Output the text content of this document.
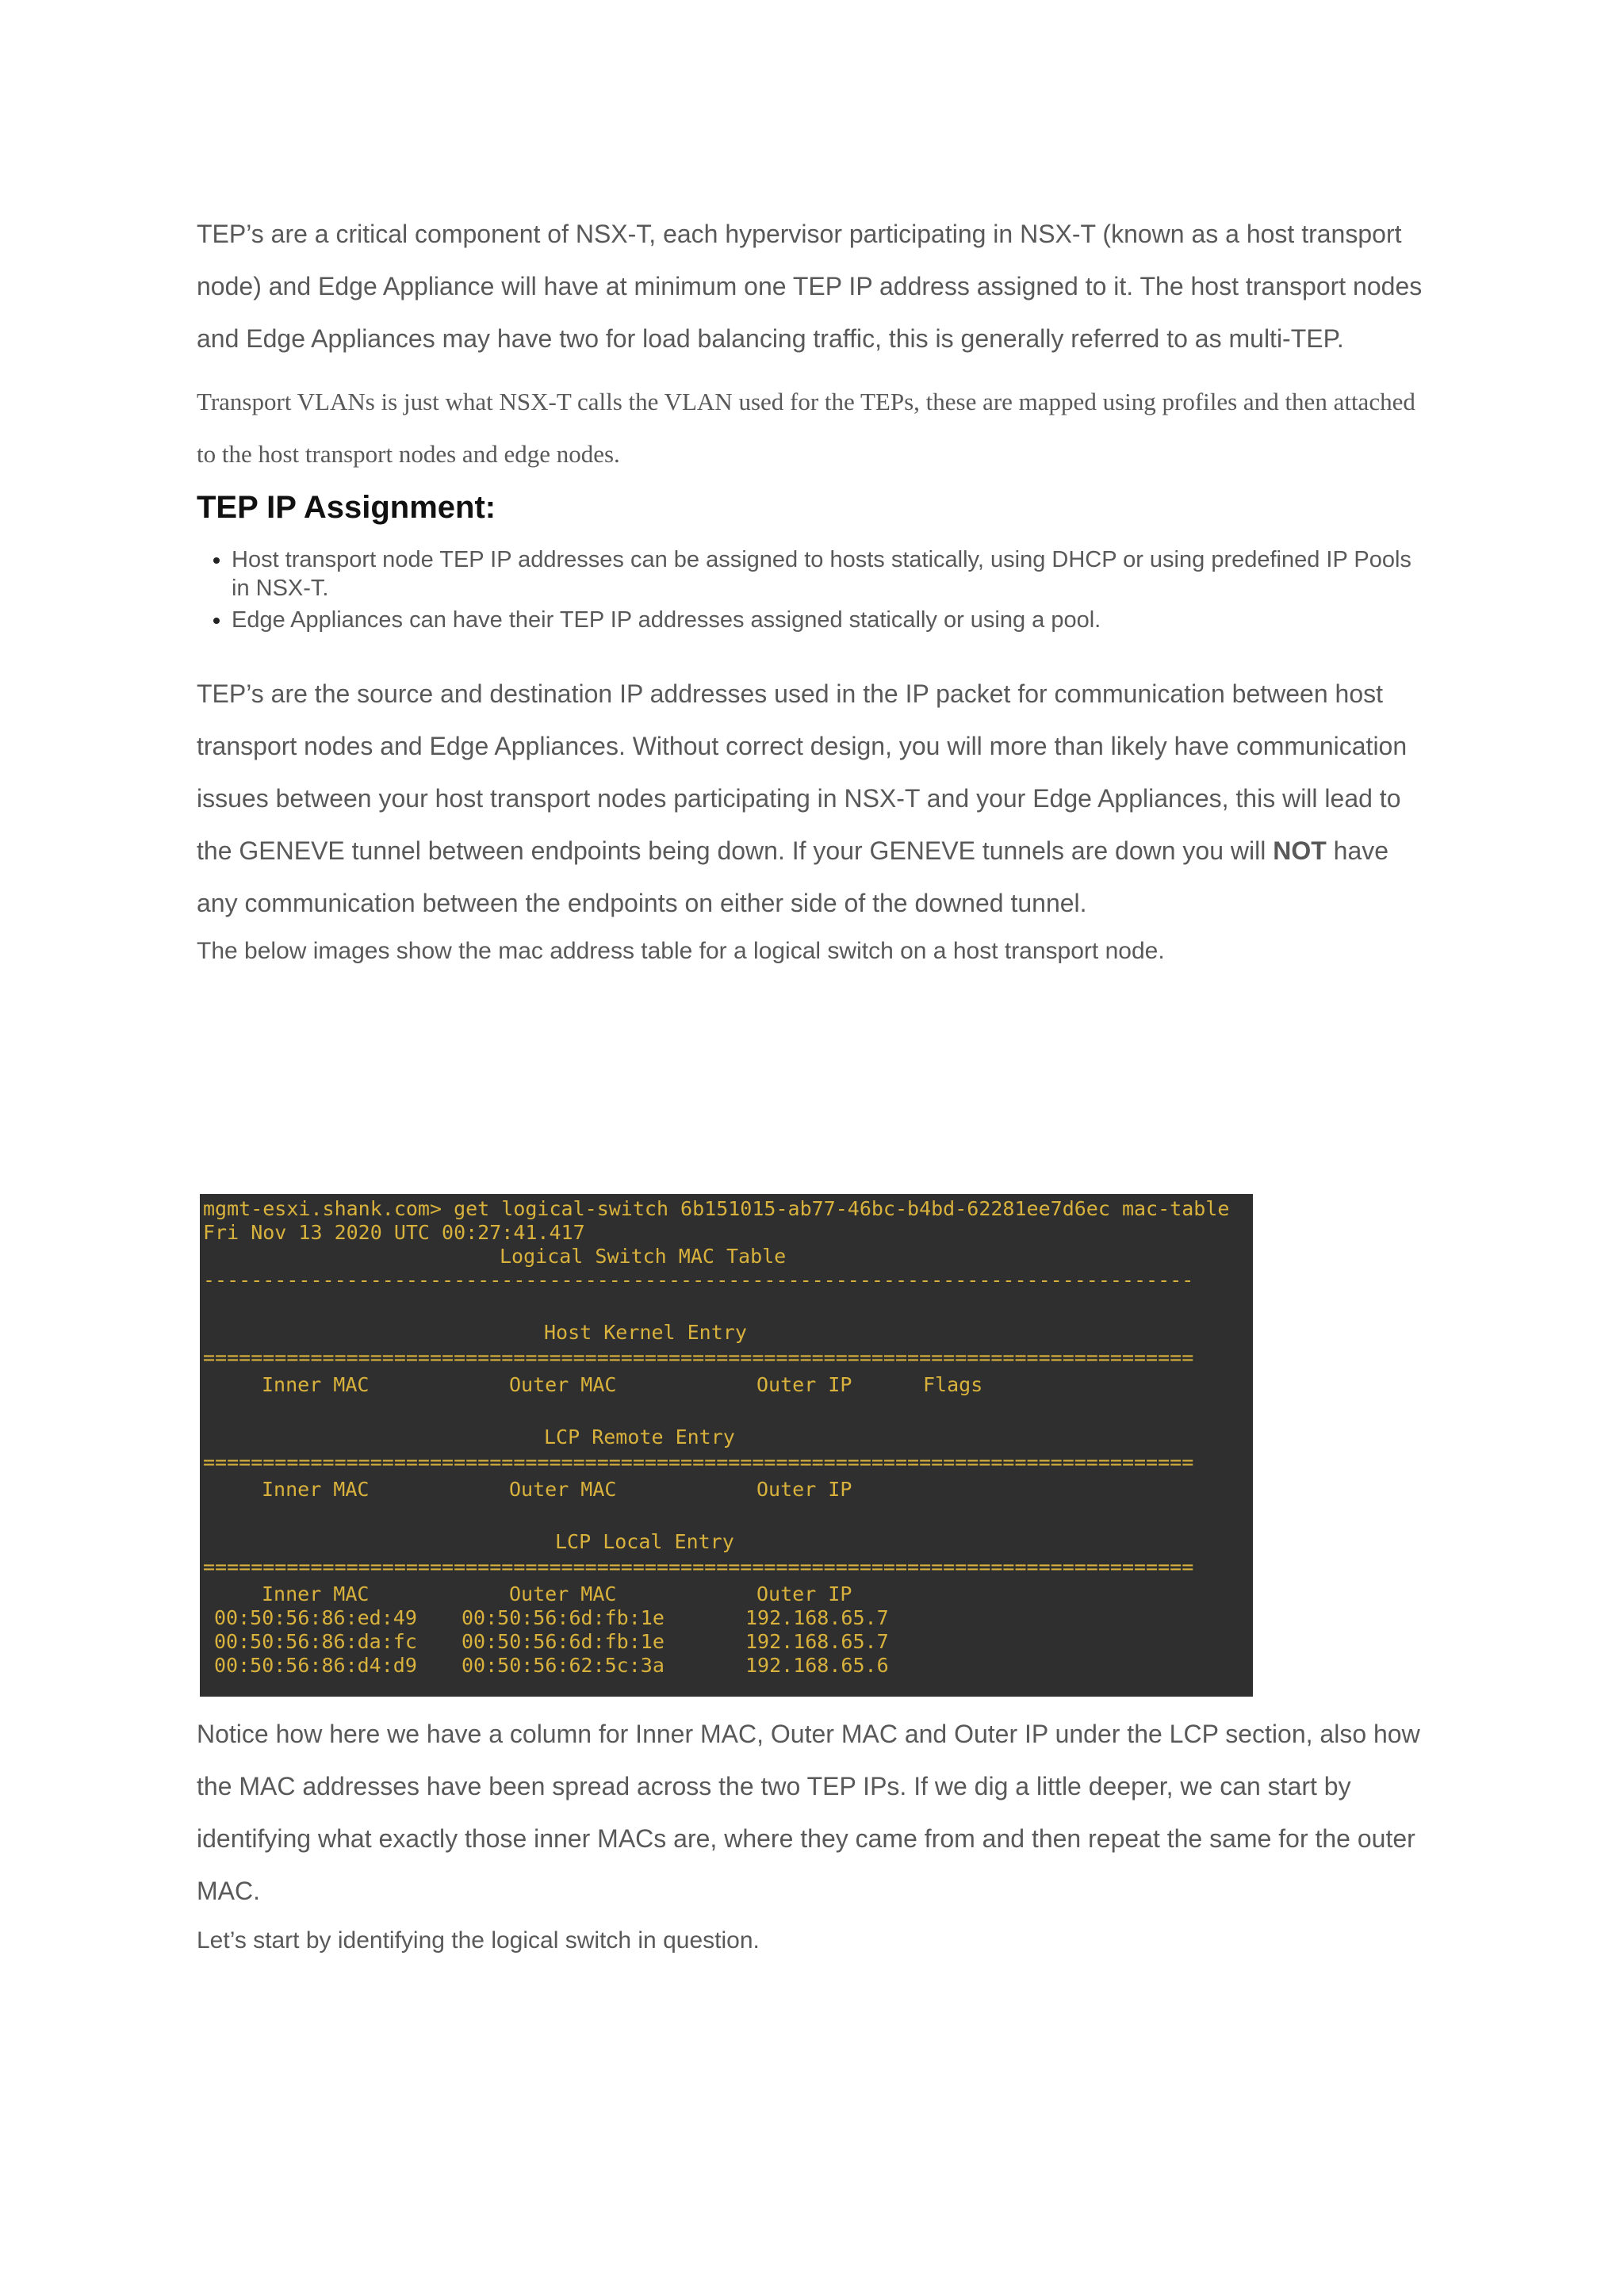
TEP’s are a critical component of NSX-T, each hypervisor participating in NSX-T (known as a host transport node) and Edge Appliance will have at minimum one TEP IP address assigned to it. The host transport nodes and Edge Appliances may have two for load balancing traffic, this is generally referred to as multi-TEP.

Transport VLANs is just what NSX-T calls the VLAN used for the TEPs, these are mapped using profiles and then attached to the host transport nodes and edge nodes.

TEP IP Assignment:
• Host transport node TEP IP addresses can be assigned to hosts statically, using DHCP or using predefined IP Pools in NSX-T.
• Edge Appliances can have their TEP IP addresses assigned statically or using a pool.

TEP’s are the source and destination IP addresses used in the IP packet for communication between host transport nodes and Edge Appliances. Without correct design, you will more than likely have communication issues between your host transport nodes participating in NSX-T and your Edge Appliances, this will lead to the GENEVE tunnel between endpoints being down. If your GENEVE tunnels are down you will NOT have any communication between the endpoints on either side of the downed tunnel.

The below images show the mac address table for a logical switch on a host transport node.

mgmt-esxi.shank.com> get logical-switch 6b151015-ab77-46bc-b4bd-62281ee7d6ec mac-table
Fri Nov 13 2020 UTC 00:27:41.417
Logical Switch MAC Table
-----------------------------------------------------------------------------------
Host Kernel Entry
===================================================================================
Inner MAC	Outer MAC	Outer IP	Flags
LCP Remote Entry
===================================================================================
Inner MAC	Outer MAC	Outer IP
LCP Local Entry
===================================================================================
Inner MAC	Outer MAC	Outer IP
00:50:56:86:ed:49 00:50:56:6d:fb:1e	192.168.65.7
00:50:56:86:da:fc 00:50:56:6d:fb:1e	192.168.65.7
00:50:56:86:d4:d9 00:50:56:62:5c:3a	192.168.65.6

Notice how here we have a column for Inner MAC, Outer MAC and Outer IP under the LCP section, also how the MAC addresses have been spread across the two TEP IPs. If we dig a little deeper, we can start by identifying what exactly those inner MACs are, where they came from and then repeat the same for the outer MAC.

Let’s start by identifying the logical switch in question.
